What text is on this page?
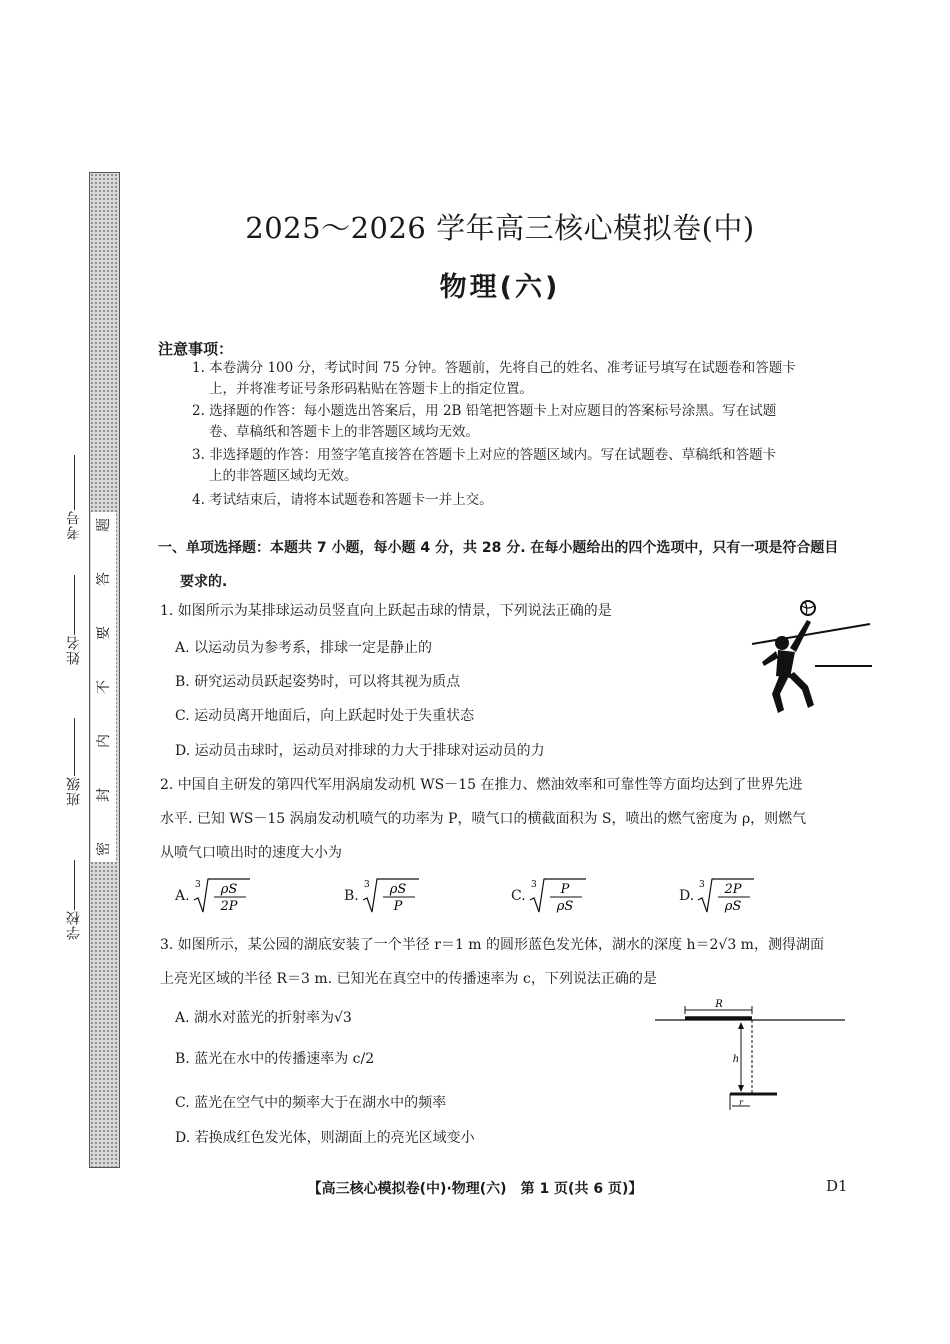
题
答
要
不
内
封
密
考号
姓名
班级
学校
2025～2026 学年高三核心模拟卷(中)
物理(六)
注意事项：
1. 本卷满分 100 分，考试时间 75 分钟。答题前，先将自己的姓名、准考证号填写在试题卷和答题卡
上，并将准考证号条形码粘贴在答题卡上的指定位置。
2. 选择题的作答：每小题选出答案后，用 2B 铅笔把答题卡上对应题目的答案标号涂黑。写在试题
卷、草稿纸和答题卡上的非答题区域均无效。
3. 非选择题的作答：用签字笔直接答在答题卡上对应的答题区域内。写在试题卷、草稿纸和答题卡
上的非答题区域均无效。
4. 考试结束后，请将本试题卷和答题卡一并上交。
一、单项选择题：本题共 7 小题，每小题 4 分，共 28 分. 在每小题给出的四个选项中，只有一项是符合题目
要求的.
1. 如图所示为某排球运动员竖直向上跃起击球的情景，下列说法正确的是
A. 以运动员为参考系，排球一定是静止的
B. 研究运动员跃起姿势时，可以将其视为质点
C. 运动员离开地面后，向上跃起时处于失重状态
D. 运动员击球时，运动员对排球的力大于排球对运动员的力
2. 中国自主研发的第四代军用涡扇发动机 WS－15 在推力、燃油效率和可靠性等方面均达到了世界先进
水平. 已知 WS－15 涡扇发动机喷气的功率为 P，喷气口的横截面积为 S，喷出的燃气密度为 ρ，则燃气
从喷气口喷出时的速度大小为
A.
3 ρS
2P
B.
3 ρS
P
C.
3 P
ρS
D.
3 2P
ρS
3. 如图所示，某公园的湖底安装了一个半径 r＝1 m 的圆形蓝色发光体，湖水的深度 h＝2√3 m，测得湖面
上亮光区域的半径 R＝3 m. 已知光在真空中的传播速率为 c，下列说法正确的是
A. 湖水对蓝光的折射率为√3
B. 蓝光在水中的传播速率为 c/2
C. 蓝光在空气中的频率大于在湖水中的频率
D. 若换成红色发光体，则湖面上的亮光区域变小
R
h
r
【高三核心模拟卷(中)·物理(六)　第 1 页(共 6 页)】	D1
